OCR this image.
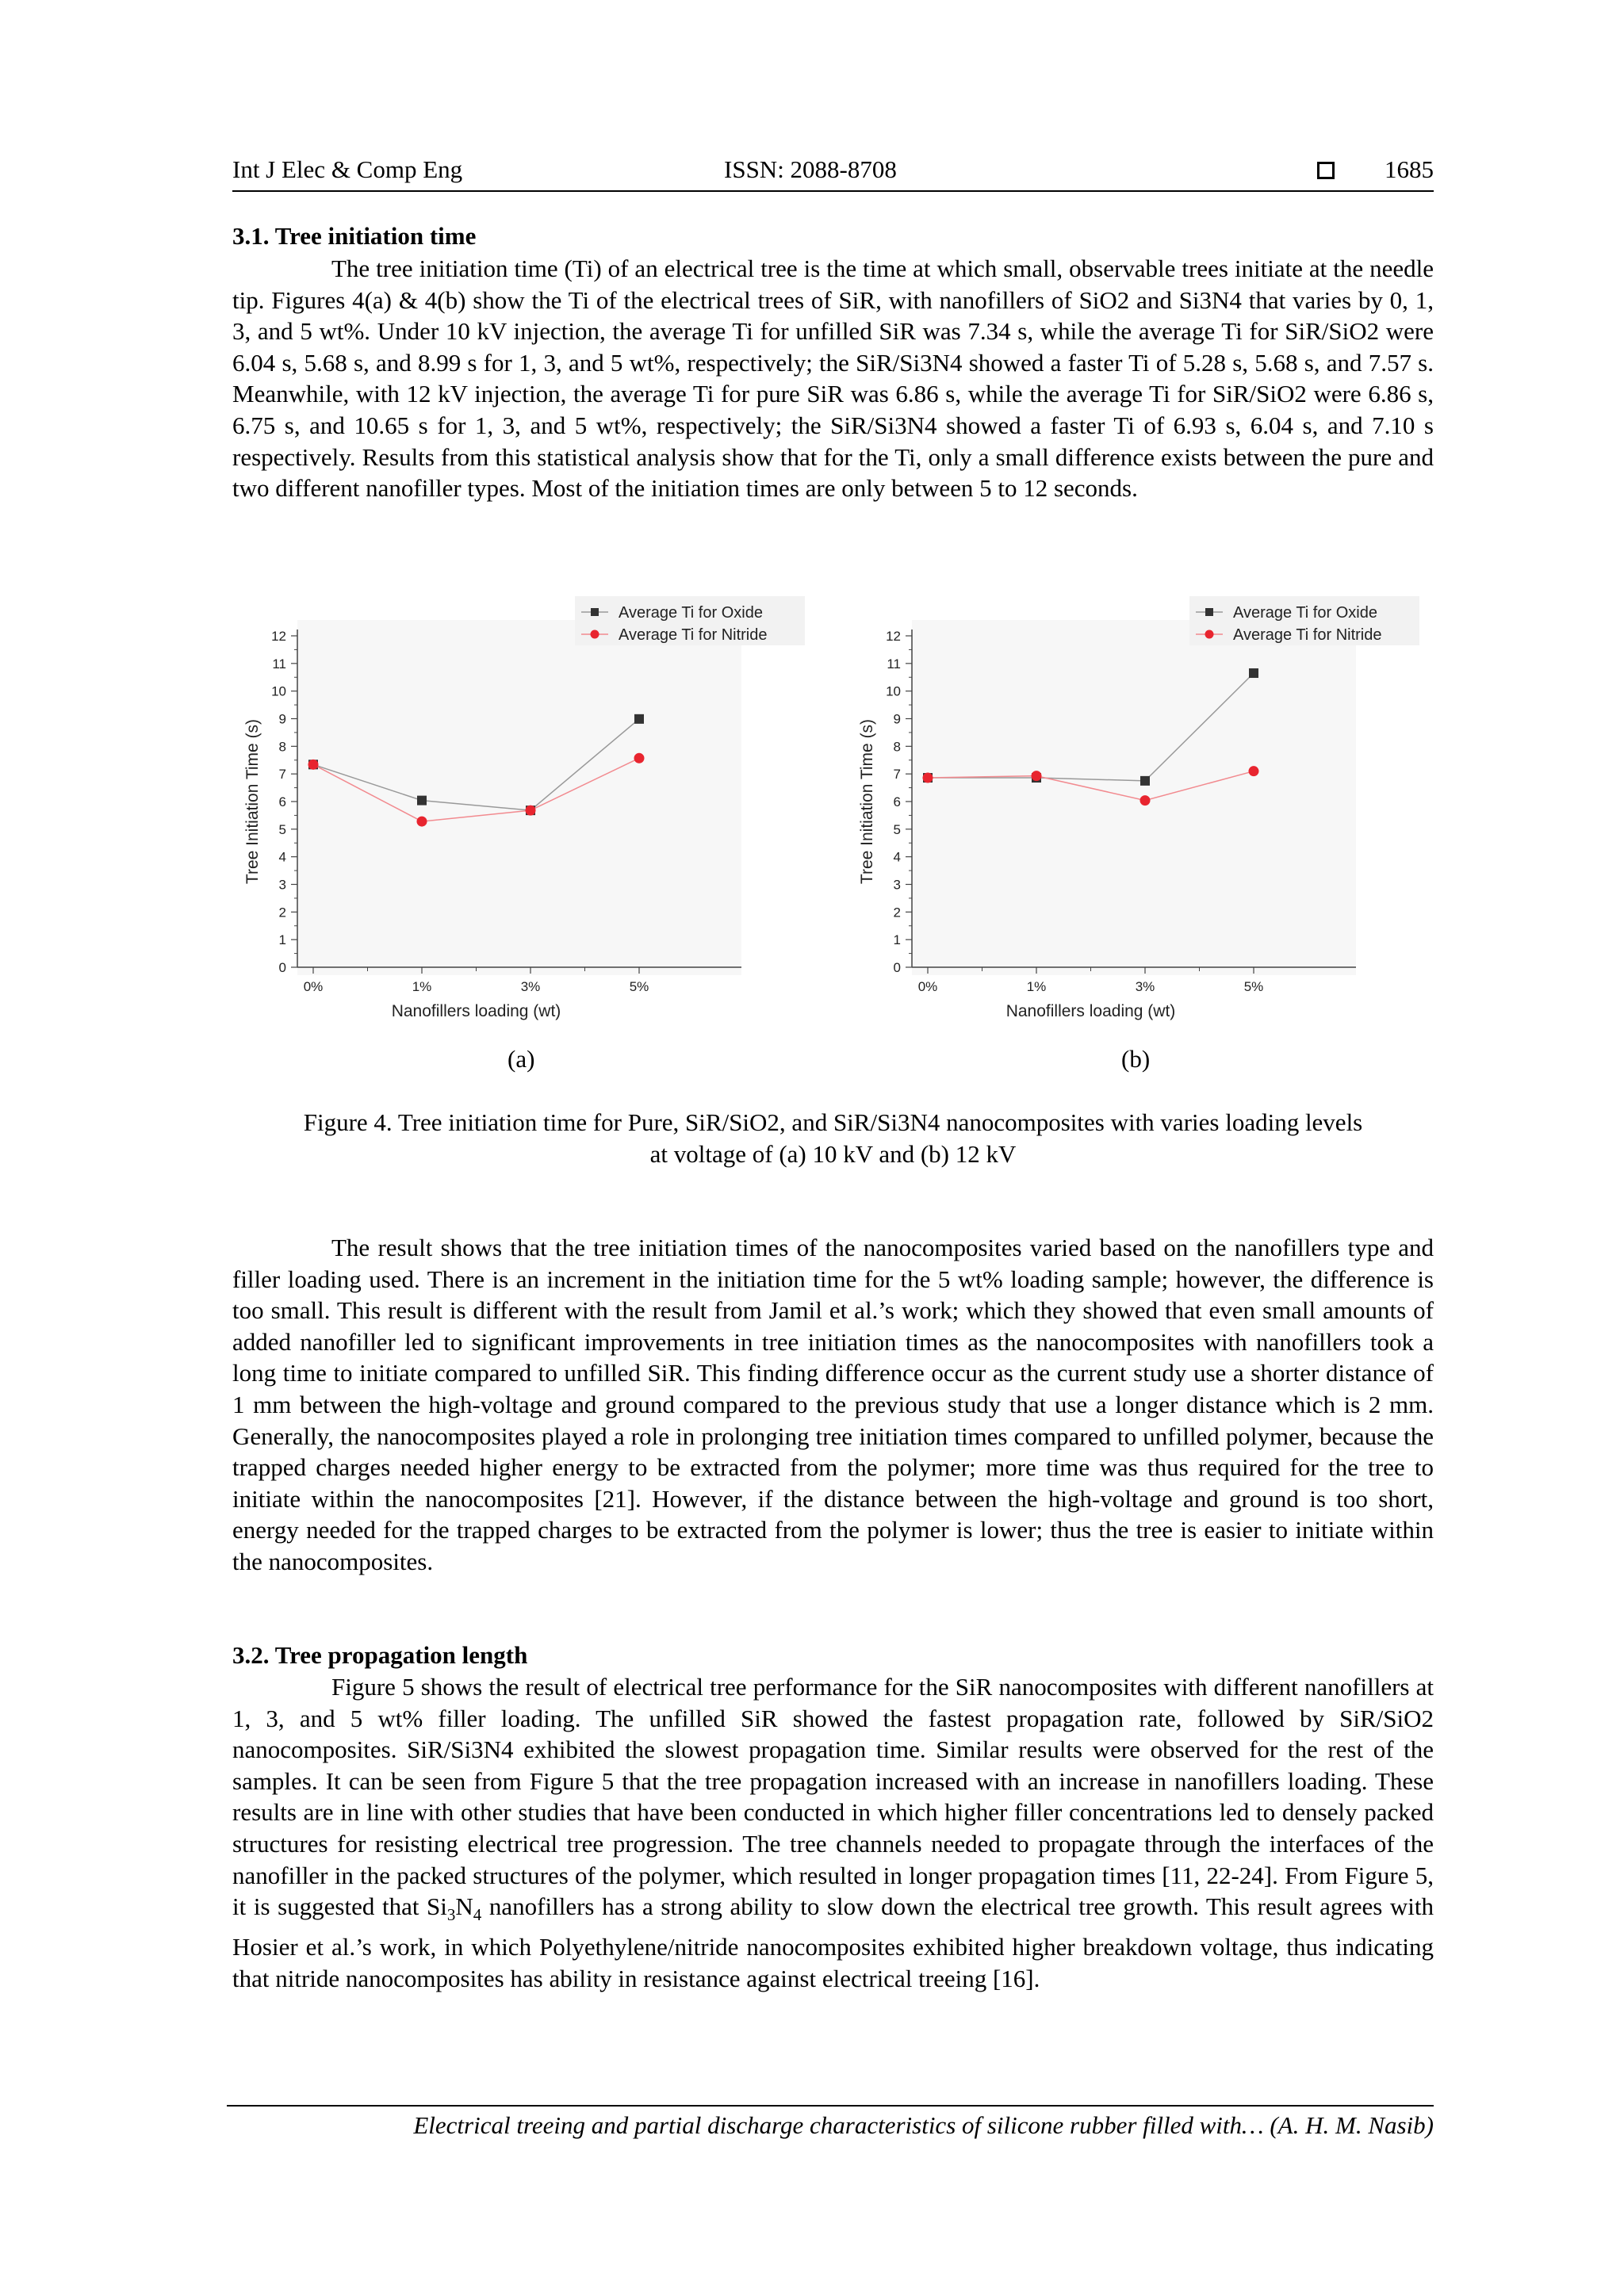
Int J Elec & Comp Eng	ISSN: 2088-8708	1685
3.1. Tree initiation time

The tree initiation time (Ti) of an electrical tree is the time at which small, observable trees initiate at the needle tip. Figures 4(a) & 4(b) show the Ti of the electrical trees of SiR, with nanofillers of SiO2 and Si3N4 that varies by 0, 1, 3, and 5 wt%. Under 10 kV injection, the average Ti for unfilled SiR was 7.34 s, while the average Ti for SiR/SiO2 were 6.04 s, 5.68 s, and 8.99 s for 1, 3, and 5 wt%, respectively; the SiR/Si3N4 showed a faster Ti of 5.28 s, 5.68 s, and 7.57 s. Meanwhile, with 12 kV injection, the average Ti for pure SiR was 6.86 s, while the average Ti for SiR/SiO2 were 6.86 s, 6.75 s, and 10.65 s for 1, 3, and 5 wt%, respectively; the SiR/Si3N4 showed a faster Ti of 6.93 s, 6.04 s, and 7.10 s respectively. Results from this statistical analysis show that for the Ti, only a small difference exists between the pure and two different nanofiller types. Most of the initiation times are only between 5 to 12 seconds.

0
1
2
3
4
5
6
7
8
9
10
11
12
0%	1%	3%	5%
Nanofillers loading (wt)
Tree Initiation Time (s)
Average Ti for Oxide
Average Ti for Nitride
0
1
2
3
4
5
6
7
8
9
10
11
12
0%	1%	3%	5%
Nanofillers loading (wt)
Tree Initiation Time (s)
Average Ti for Oxide
Average Ti for Nitride
(a)	(b)
Figure 4. Tree initiation time for Pure, SiR/SiO2, and SiR/Si3N4 nanocomposites with varies loading levels
at voltage of (a) 10 kV and (b) 12 kV

The result shows that the tree initiation times of the nanocomposites varied based on the nanofillers type and filler loading used. There is an increment in the initiation time for the 5 wt% loading sample; however, the difference is too small. This result is different with the result from Jamil et al.’s work; which they showed that even small amounts of added nanofiller led to significant improvements in tree initiation times as the nanocomposites with nanofillers took a long time to initiate compared to unfilled SiR. This finding difference occur as the current study use a shorter distance of 1 mm between the high-voltage and ground compared to the previous study that use a longer distance which is 2 mm. Generally, the nanocomposites played a role in prolonging tree initiation times compared to unfilled polymer, because the trapped charges needed higher energy to be extracted from the polymer; more time was thus required for the tree to initiate within the nanocomposites [21]. However, if the distance between the high-voltage and ground is too short, energy needed for the trapped charges to be extracted from the polymer is lower; thus the tree is easier to initiate within the nanocomposites.

3.2. Tree propagation length

Figure 5 shows the result of electrical tree performance for the SiR nanocomposites with different nanofillers at 1, 3, and 5 wt% filler loading. The unfilled SiR showed the fastest propagation rate, followed by SiR/SiO2 nanocomposites. SiR/Si3N4 exhibited the slowest propagation time. Similar results were observed for the rest of the samples. It can be seen from Figure 5 that the tree propagation increased with an increase in nanofillers loading. These results are in line with other studies that have been conducted in which higher filler concentrations led to densely packed structures for resisting electrical tree progression. The tree channels needed to propagate through the interfaces of the nanofiller in the packed structures of the polymer, which resulted in longer propagation times [11, 22-24]. From Figure 5, it is suggested that $Si_3N_4$ nanofillers has a strong ability to slow down the electrical tree growth. This result agrees with Hosier et al.’s work, in which Polyethylene/nitride nanocomposites exhibited higher breakdown voltage, thus indicating that nitride nanocomposites has ability in resistance against electrical treeing [16].

Electrical treeing and partial discharge characteristics of silicone rubber filled with… (A. H. M. Nasib)
